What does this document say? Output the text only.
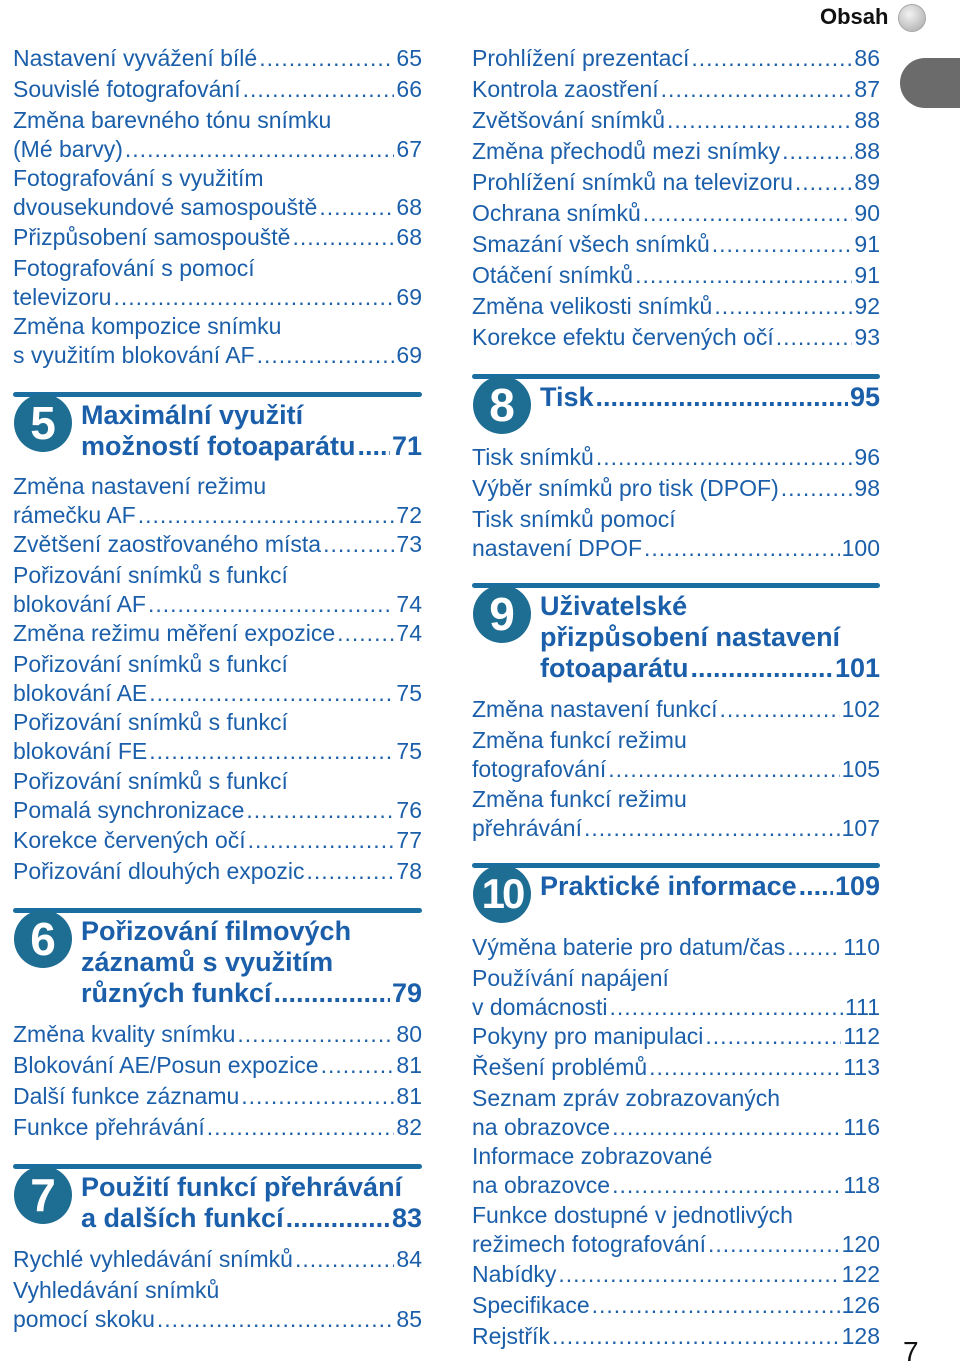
Obsah
Nastavení vyvážení bílé .....	65
Souvislé fotografování .....	66
Změna barevného tónu snímku
(Mé barvy) .....	67
Fotografování s využitím
dvousekundové samospouště .....	68
Přizpůsobení samospouště .....	68
Fotografování s pomocí
televizoru .....	69
Změna kompozice snímku
s využitím blokování AF .....	69
5 Maximální využití
možností fotoaparátu ..... 71
Změna nastavení režimu
rámečku AF .....	72
Zvětšení zaostřovaného místa .....	73
Pořizování snímků s funkcí
blokování AF .....	74
Změna režimu měření expozice .....	74
Pořizování snímků s funkcí
blokování AE .....	75
Pořizování snímků s funkcí
blokování FE .....	75
Pořizování snímků s funkcí
Pomalá synchronizace .....	76
Korekce červených očí .....	77
Pořizování dlouhých expozic .....	78
6 Pořizování filmových
záznamů s využitím
různých funkcí .....	79
Změna kvality snímku .....	80
Blokování AE/Posun expozice .....	81
Další funkce záznamu .....	81
Funkce přehrávání .....	82
7 Použití funkcí přehrávání
a dalších funkcí .....	83
Rychlé vyhledávání snímků .....	84
Vyhledávání snímků
pomocí skoku .....	85
Prohlížení prezentací .....	86
Kontrola zaostření .....	87
Zvětšování snímků .....	88
Změna přechodů mezi snímky .....	88
Prohlížení snímků na televizoru .....	89
Ochrana snímků .....	90
Smazání všech snímků .....	91
Otáčení snímků .....	91
Změna velikosti snímků .....	92
Korekce efektu červených očí .....	93
8 Tisk .....	95
Tisk snímků .....	96
Výběr snímků pro tisk (DPOF) .....	98
Tisk snímků pomocí
nastavení DPOF .....	100
9 Uživatelské
přizpůsobení nastavení
fotoaparátu .....	101
Změna nastavení funkcí .....	102
Změna funkcí režimu
fotografování .....	105
Změna funkcí režimu
přehrávání .....	107
10 Praktické informace ..... 109
Výměna baterie pro datum/čas .....	110
Používání napájení
v domácnosti .....	111
Pokyny pro manipulaci .....	112
Řešení problémů .....	113
Seznam zpráv zobrazovaných
na obrazovce .....	116
Informace zobrazované
na obrazovce .....	118
Funkce dostupné v jednotlivých
režimech fotografování .....	120
Nabídky .....	122
Specifikace .....	126
Rejstřík .....	128 7
